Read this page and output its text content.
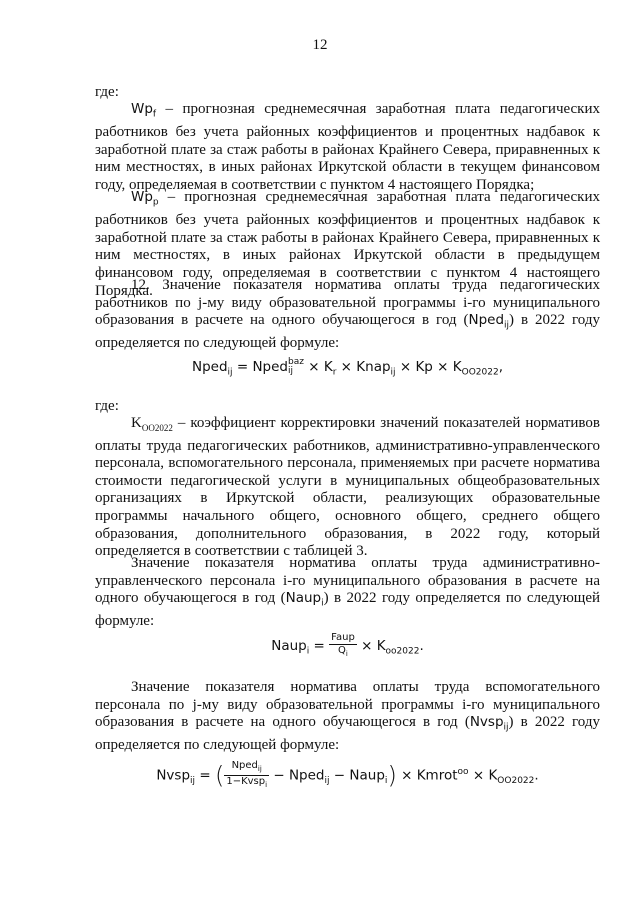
12

где:

$Wp_f$ – прогнозная среднемесячная заработная плата педагогических работников без учета районных коэффициентов и процентных надбавок к заработной плате за стаж работы в районах Крайнего Севера, приравненных к ним местностях, в иных районах Иркутской области в текущем финансовом году, определяемая в соответствии с пунктом 4 настоящего Порядка;

$Wp_p$ – прогнозная среднемесячная заработная плата педагогических работников без учета районных коэффициентов и процентных надбавок к заработной плате за стаж работы в районах Крайнего Севера, приравненных к ним местностях, в иных районах Иркутской области в предыдущем финансовом году, определяемая в соответствии с пунктом 4 настоящего Порядка.

12. Значение показателя норматива оплаты труда педагогических работников по j-му виду образовательной программы i-го муниципального образования в расчете на одного обучающегося в год (Nped$_{ij}$) в 2022 году определяется по следующей формуле:

Nped$_{ij}$ = Nped baz
ij × $K_r$ × Knap$_{ij}$ × $Kp \times K_{OO2022}$,

где:

$K_{OO2022}$ – коэффициент корректировки значений показателей нормативов оплаты труда педагогических работников, административно-управленческого персонала, вспомогательного персонала, применяемых при расчете норматива стоимости педагогической услуги в муниципальных общеобразовательных организациях в Иркутской области, реализующих образовательные программы начального общего, основного общего, среднего общего образования, дополнительного образования, в 2022 году, который определяется в соответствии с таблицей 3.

Значение показателя норматива оплаты труда административно-управленческого персонала i-го муниципального образования в расчете на одного обучающегося в год (Naup$_i$) в 2022 году определяется по следующей формуле:

Naup$_i$ = $\frac{\text{Faup}}{Q_i} \times K_{oo2022}$.

Значение показателя норматива оплаты труда вспомогательного персонала по j-му виду образовательной программы i-го муниципального образования в расчете на одного обучающегося в год (Nvsp$_{ij}$) в 2022 году определяется по следующей формуле:

Nvsp$_{ij}$ = ( $\frac{Nped_{ij}}{1-Kvsp_i}$ − Nped$_{ij}$ − Naup$_i$) × Kmrot$^{oo}$ × $K_{OO2022}$.
